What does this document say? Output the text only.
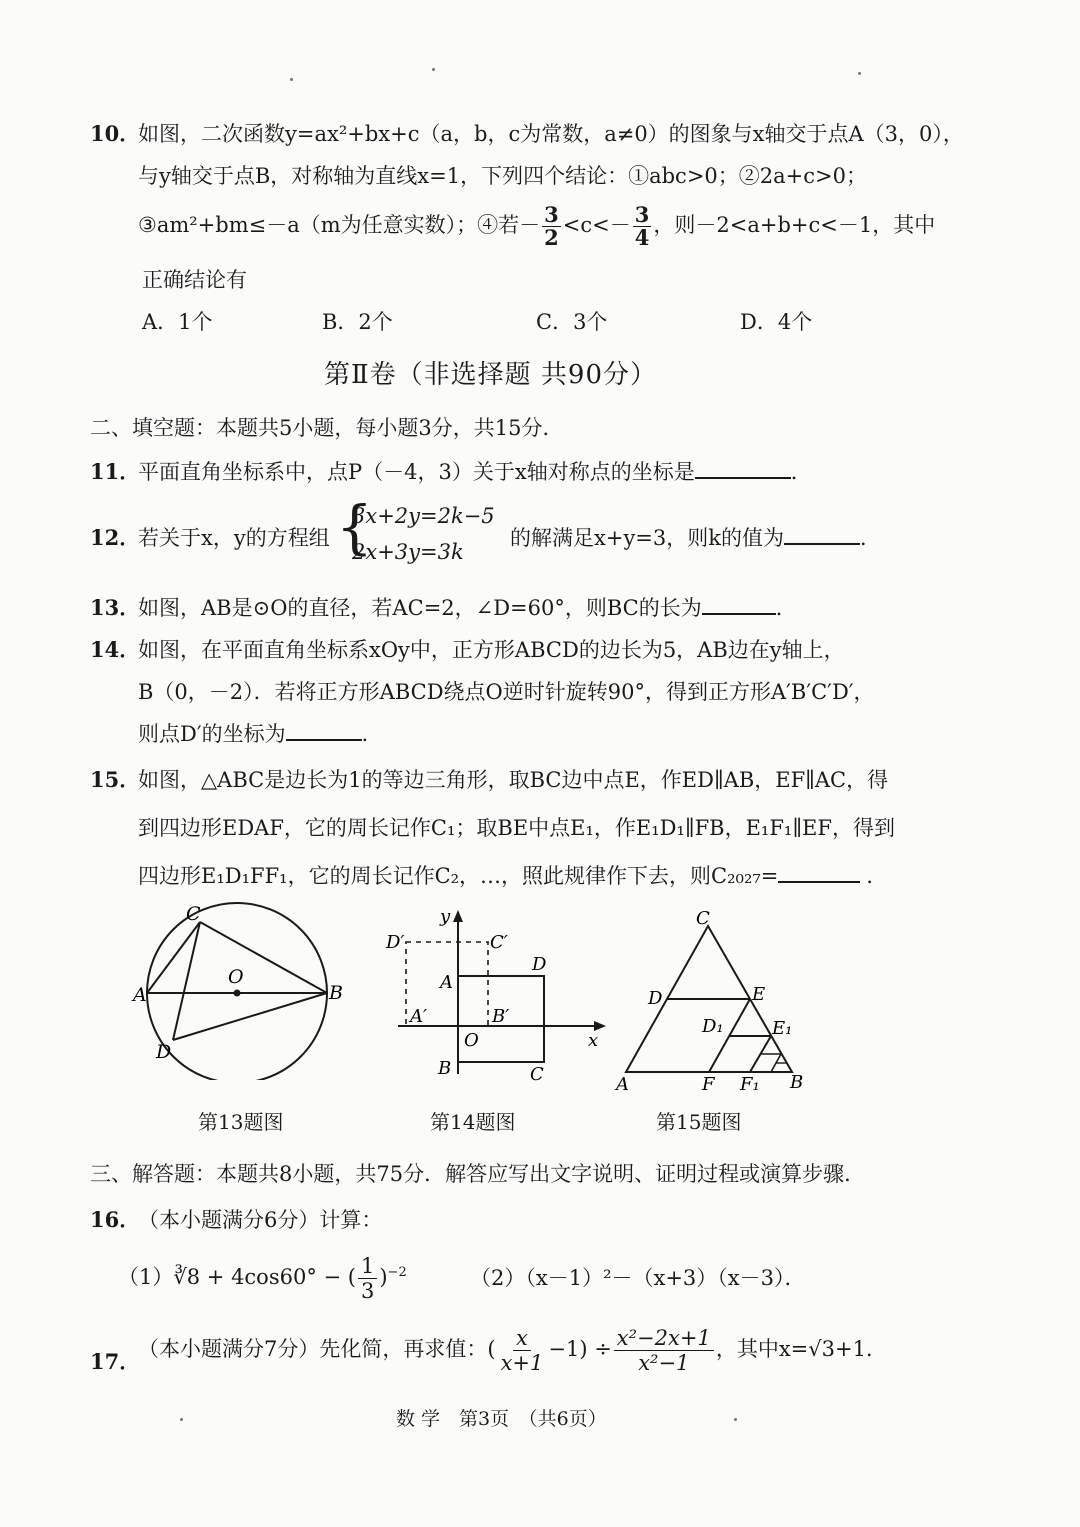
10．
如图，二次函数y=ax²+bx+c（a，b，c为常数，a≠0）的图象与x轴交于点A（3，0），
与y轴交于点B，对称轴为直线x=1，下列四个结论：①abc>0；②2a+c>0；
③am²+bm≤－a（m为任意实数）；④若－ $\frac{3}{2} <c<- \frac{3}{4}$ ，则－2<a+b+c<－1，其中
正确结论有
A．1个	B．2个	C．3个	D．4个
第Ⅱ卷（非选择题 共90分）
二、填空题：本题共5小题，每小题3分，共15分．
11．
平面直角坐标系中，点P（－4，3）关于x轴对称点的坐标是	．
12．
若关于x，y的方程组 {
3x+2y=2k−5
2x+3y=3k
的解满足x+y=3，则k的值为	．
13．
如图，AB是⊙O的直径，若AC=2，∠D=60°，则BC的长为	．
14．
如图，在平面直角坐标系xOy中，正方形ABCD的边长为5，AB边在y轴上，
B（0，－2）．若将正方形ABCD绕点O逆时针旋转90°，得到正方形A′B′C′D′，
则点D′的坐标为	．
15．
如图，△ABC是边长为1的等边三角形，取BC边中点E，作ED∥AB，EF∥AC，得
到四边形EDAF，它的周长记作C₁；取BE中点E₁，作E₁D₁∥FB，E₁F₁∥EF，得到
四边形E₁D₁FF₁，它的周长记作C₂，…，照此规律作下去，则C₂₀₂₇=	．
C
A
O
B
D
第13题图
y
x
D′	C′
A
D
A′	B′
O
B	C
第14题图
C
D	E
D₁	E₁
A	F F₁ B
第15题图
三、解答题：本题共8小题，共75分．解答应写出文字说明、证明过程或演算步骤．
16．
（本小题满分6分）计算：
（1）∛8 + 4cos60° − ( $\frac{1}{3} )^{-2}$	（2）（x－1）²－（x+3）（x－3）．
17．
（本小题满分7分）先化简，再求值：( $\frac{x}{x+1} -1) \div \frac{\text{x²−2x+1}}{\text{x²−1}}$ ，其中x=√3+1．
数 学　第3页　（共6页）
